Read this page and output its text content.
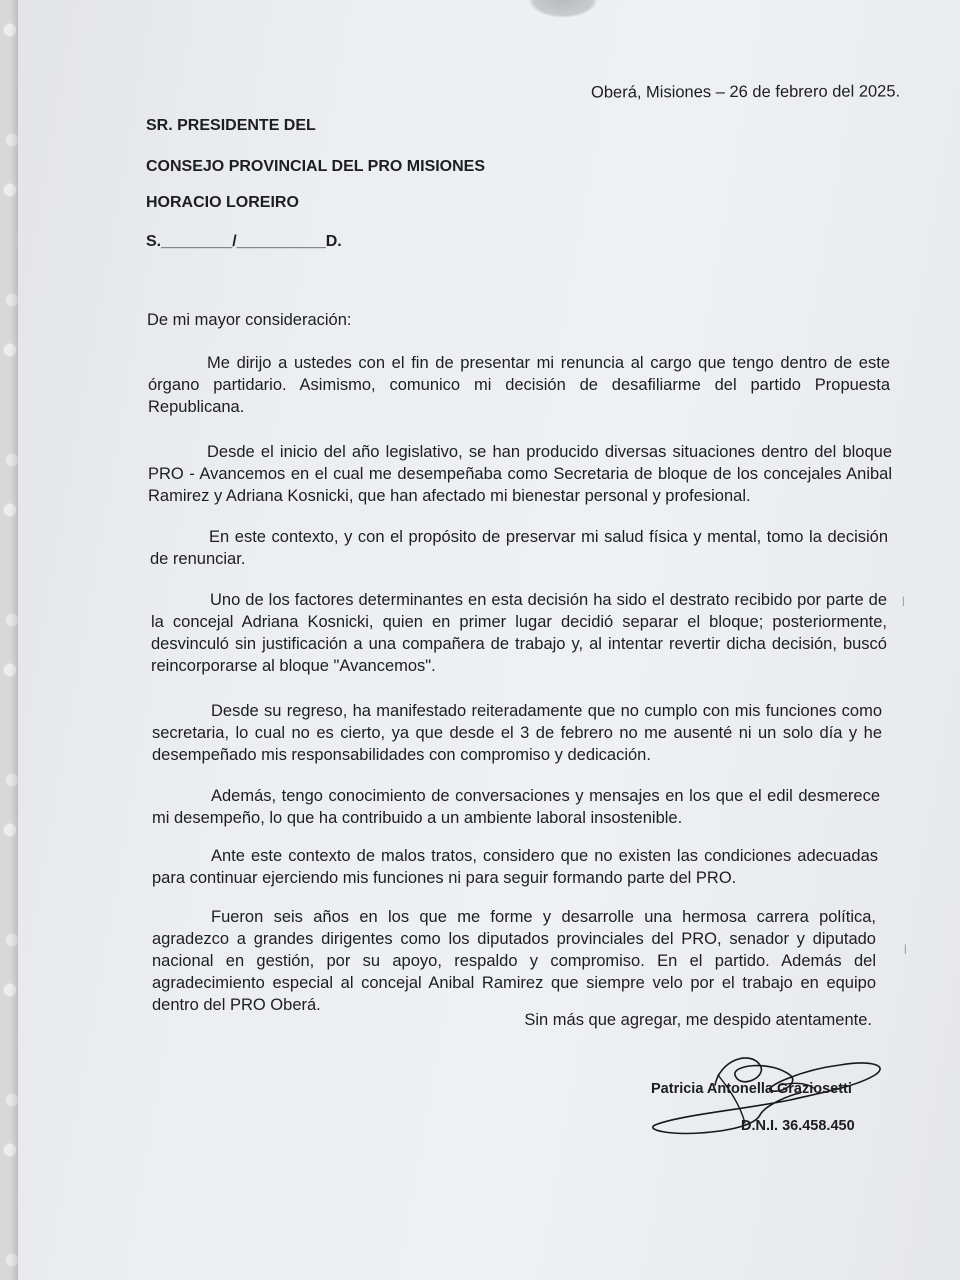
Oberá, Misiones – 26 de febrero del 2025.
SR. PRESIDENTE DEL
CONSEJO PROVINCIAL DEL PRO MISIONES
HORACIO LOREIRO
S.________/__________D.
De mi mayor consideración:
Me dirijo a ustedes con el fin de presentar mi renuncia al cargo que tengo dentro de este órgano partidario. Asimismo, comunico mi decisión de desafiliarme del partido Propuesta Republicana.
Desde el inicio del año legislativo, se han producido diversas situaciones dentro del bloque PRO - Avancemos en el cual me desempeñaba como Secretaria de bloque de los concejales Anibal Ramirez y Adriana Kosnicki, que han afectado mi bienestar personal y profesional.
En este contexto, y con el propósito de preservar mi salud física y mental, tomo la decisión de renunciar.
Uno de los factores determinantes en esta decisión ha sido el destrato recibido por parte de la concejal Adriana Kosnicki, quien en primer lugar decidió separar el bloque; posteriormente, desvinculó sin justificación a una compañera de trabajo y, al intentar revertir dicha decisión, buscó reincorporarse al bloque "Avancemos".
Desde su regreso, ha manifestado reiteradamente que no cumplo con mis funciones como secretaria, lo cual no es cierto, ya que desde el 3 de febrero no me ausenté ni un solo día y he desempeñado mis responsabilidades con compromiso y dedicación.
Además, tengo conocimiento de conversaciones y mensajes en los que el edil desmerece mi desempeño, lo que ha contribuido a un ambiente laboral insostenible.
Ante este contexto de malos tratos, considero que no existen las condiciones adecuadas para continuar ejerciendo mis funciones ni para seguir formando parte del PRO.
Fueron seis años en los que me forme y desarrolle una hermosa carrera política, agradezco a grandes dirigentes como los diputados provinciales del PRO, senador y diputado nacional en gestión, por su apoyo, respaldo y compromiso. En el partido. Además del agradecimiento especial al concejal Anibal Ramirez que siempre velo por el trabajo en equipo dentro del PRO Oberá.
Sin más que agregar, me despido atentamente.
Patricia Antonella Graziosetti
D.N.I. 36.458.450
|
|
